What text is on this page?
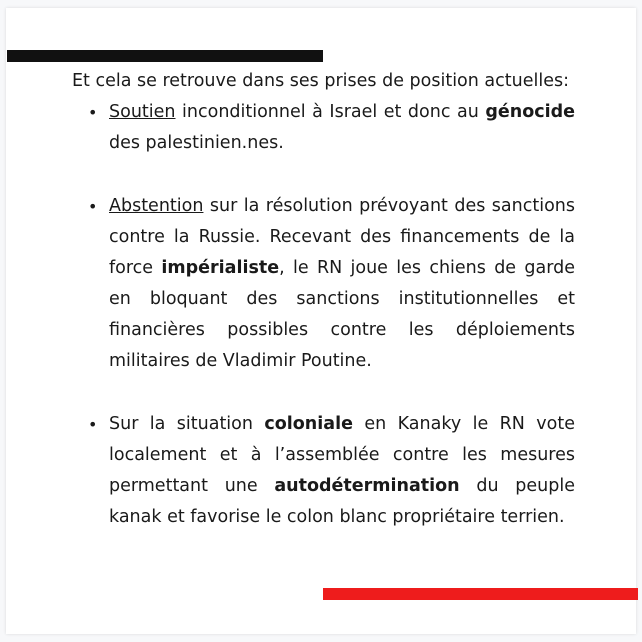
Et cela se retrouve dans ses prises de position actuelles:

• Soutien inconditionnel à Israel et donc au génocide des palestinien.nes.
• Abstention sur la résolution prévoyant des sanctions contre la Russie. Recevant des financements de la force impérialiste, le RN joue les chiens de garde en bloquant des sanctions institutionnelles et financières possibles contre les déploiements militaires de Vladimir Poutine.
• Sur la situation coloniale en Kanaky le RN vote localement et à l’assemblée contre les mesures permettant une autodétermination du peuple kanak et favorise le colon blanc propriétaire terrien.
